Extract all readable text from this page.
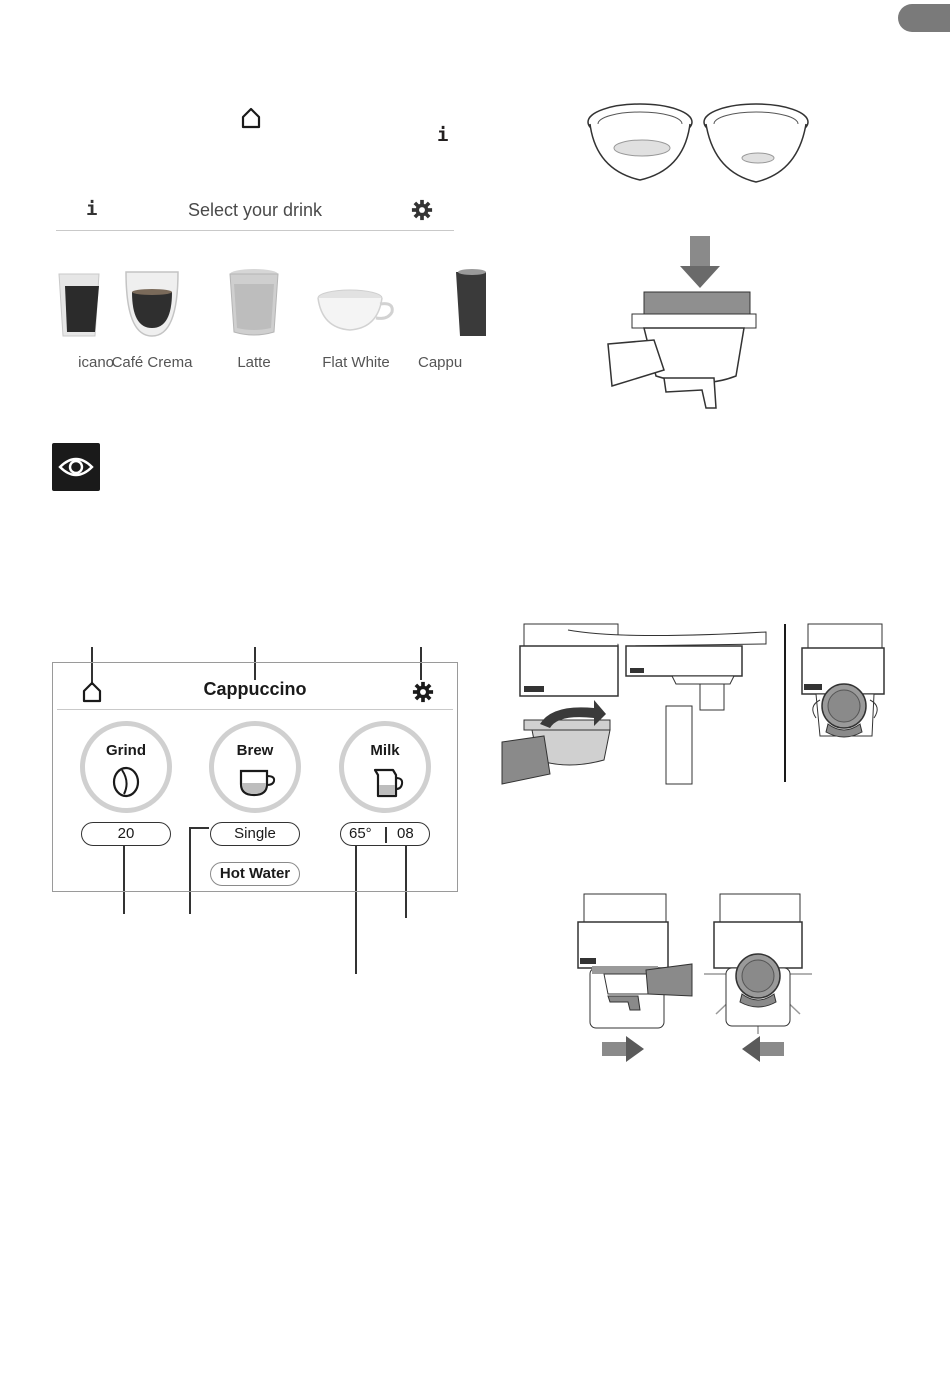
i
i	Select your drink
icano
Café Crema	Latte	Flat White	Cappu
Cappuccino
Grind
20
Brew
Single
Hot Water
Milk
65° 08
